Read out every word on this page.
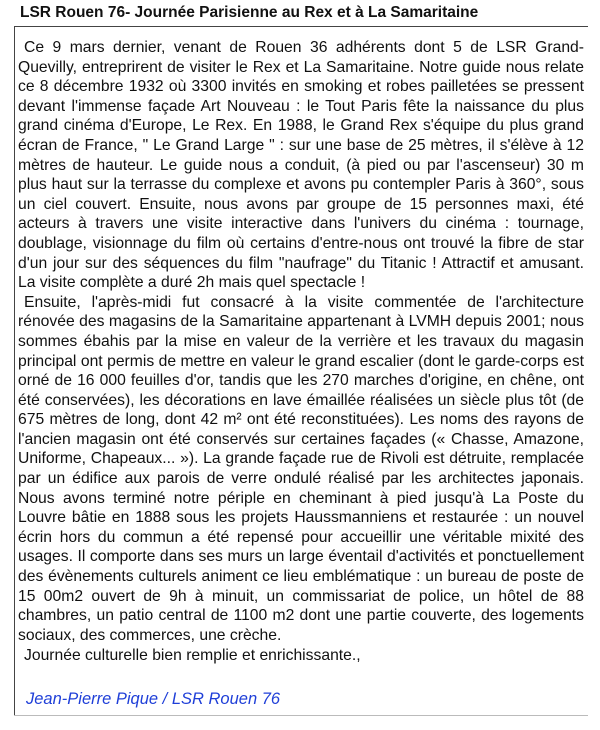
LSR Rouen 76- Journée Parisienne au Rex et à La Samaritaine

Ce 9 mars dernier, venant de Rouen 36 adhérents dont 5 de LSR Grand-Quevilly, entreprirent de visiter le Rex et La Samaritaine. Notre guide nous relate ce 8 décembre 1932 où 3300 invités en smoking et robes pailletées se pressent devant l'immense façade Art Nouveau : le Tout Paris fête la naissance du plus grand cinéma d'Europe, Le Rex. En 1988, le Grand Rex s'équipe du plus grand écran de France, " Le Grand Large " : sur une base de 25 mètres, il s'élève à 12 mètres de hauteur. Le guide nous a conduit, (à pied ou par l'ascenseur) 30 m plus haut sur la terrasse du complexe et avons pu contempler Paris à 360°, sous un ciel couvert. Ensuite, nous avons par groupe de 15 personnes maxi, été acteurs à travers une visite interactive dans l'univers du cinéma : tournage, doublage, visionnage du film où certains d'entre-nous ont trouvé la fibre de star d'un jour sur des séquences du film "naufrage" du Titanic ! Attractif et amusant. La visite complète a duré 2h mais quel spectacle !

Ensuite, l'après-midi fut consacré à la visite commentée de l'architecture rénovée des magasins de la Samaritaine appartenant à LVMH depuis 2001; nous sommes ébahis par la mise en valeur de la verrière et les travaux du magasin principal ont permis de mettre en valeur le grand escalier (dont le garde-corps est orné de 16 000 feuilles d'or, tandis que les 270 marches d'origine, en chêne, ont été conservées), les décorations en lave émaillée réalisées un siècle plus tôt (de 675 mètres de long, dont 42 m² ont été reconstituées). Les noms des rayons de l'ancien magasin ont été conservés sur certaines façades (« Chasse, Amazone, Uniforme, Chapeaux... »). La grande façade rue de Rivoli est détruite, remplacée par un édifice aux parois de verre ondulé réalisé par les architectes japonais. Nous avons terminé notre périple en cheminant à pied jusqu'à La Poste du Louvre bâtie en 1888 sous les projets Haussmanniens et restaurée : un nouvel écrin hors du commun a été repensé pour accueillir une véritable mixité des usages. Il comporte dans ses murs un large éventail d'activités et ponctuellement des évènements culturels animent ce lieu emblématique : un bureau de poste de 15 00m2 ouvert de 9h à minuit, un commissariat de police, un hôtel de 88 chambres, un patio central de 1100 m2 dont une partie couverte, des logements sociaux, des commerces, une crèche.

Journée culturelle bien remplie et enrichissante.,

Jean-Pierre Pique / LSR Rouen 76
